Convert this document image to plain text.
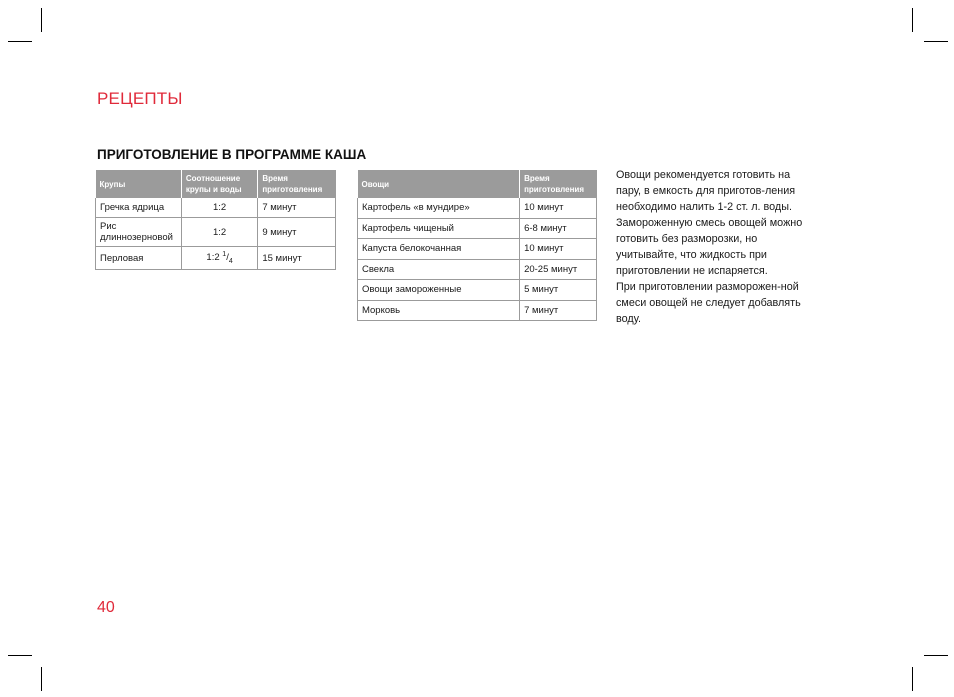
РЕЦЕПТЫ
ПРИГОТОВЛЕНИЕ В ПРОГРАММЕ КАША
Крупы	Соотношение крупы и воды	Время приготовления
Гречка ядрица	1:2	7 минут
Рис длиннозерновой	1:2	9 минут
Перловая	1:2 $^1/_4$	15 минут
Овощи	Время приготовления
Картофель «в мундире»	10 минут
Картофель чищеный	6-8 минут
Капуста белокочанная	10 минут
Свекла	20-25 минут
Овощи замороженные	5 минут
Морковь	7 минут

Овощи рекомендуется готовить на пару, в емкость для приготов-ления необходимо налить 1-2 ст. л. воды.

Замороженную смесь овощей можно готовить без разморозки, но учитывайте, что жидкость при приготовлении не испаряется.

При приготовлении разморожен-ной смеси овощей не следует добавлять воду.

40
